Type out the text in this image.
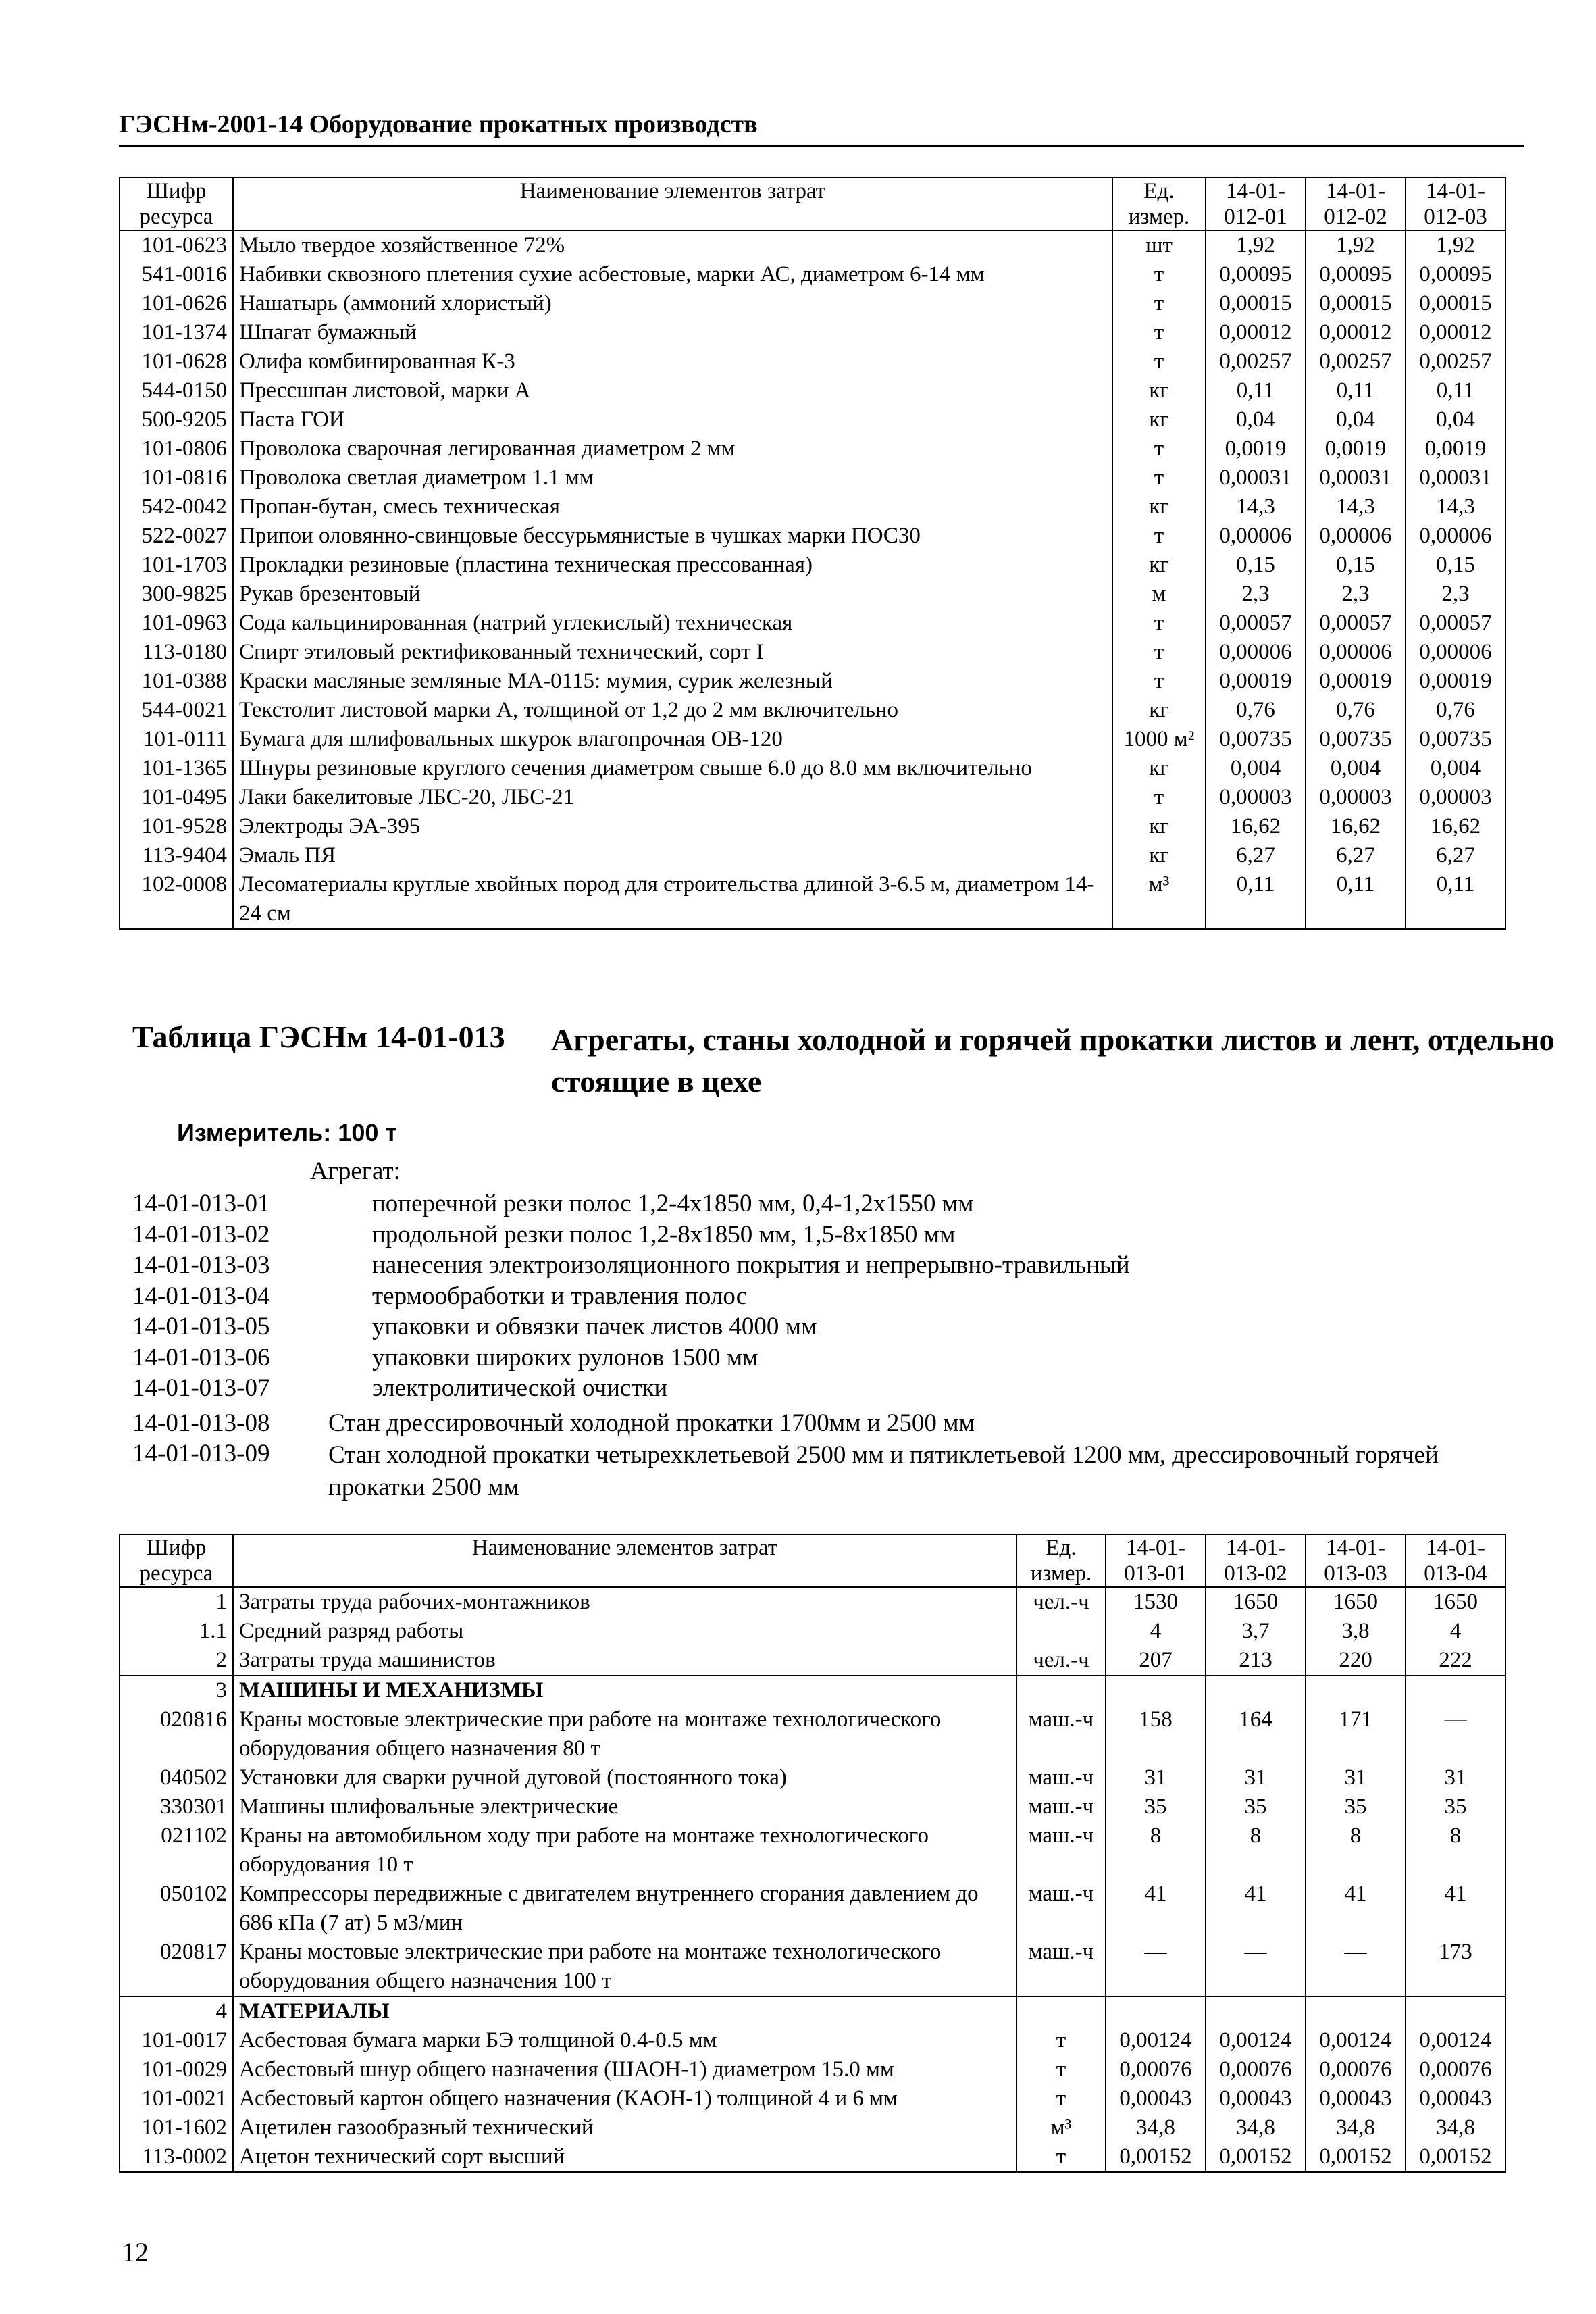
ГЭСНм-2001-14 Оборудование прокатных производств
Шифр ресурса	Наименование элементов затрат	Ед. измер.	14-01-012-01	14-01-012-02	14-01-012-03
101-0623	Мыло твердое хозяйственное 72%	шт	1,92	1,92	1,92
541-0016	Набивки сквозного плетения сухие асбестовые, марки АС, диаметром 6-14 мм	т	0,00095	0,00095	0,00095
101-0626	Нашатырь (аммоний хлористый)	т	0,00015	0,00015	0,00015
101-1374	Шпагат бумажный	т	0,00012	0,00012	0,00012
101-0628	Олифа комбинированная К-3	т	0,00257	0,00257	0,00257
544-0150	Прессшпан листовой, марки А	кг	0,11	0,11	0,11
500-9205	Паста ГОИ	кг	0,04	0,04	0,04
101-0806	Проволока сварочная легированная диаметром 2 мм	т	0,0019	0,0019	0,0019
101-0816	Проволока светлая диаметром 1.1 мм	т	0,00031	0,00031	0,00031
542-0042	Пропан-бутан, смесь техническая	кг	14,3	14,3	14,3
522-0027	Припои оловянно-свинцовые бессурьмянистые в чушках марки ПОС30	т	0,00006	0,00006	0,00006
101-1703	Прокладки резиновые (пластина техническая прессованная)	кг	0,15	0,15	0,15
300-9825	Рукав брезентовый	м	2,3	2,3	2,3
101-0963	Сода кальцинированная (натрий углекислый) техническая	т	0,00057	0,00057	0,00057
113-0180	Спирт этиловый ректификованный технический, сорт I	т	0,00006	0,00006	0,00006
101-0388	Краски масляные земляные МА-0115: мумия, сурик железный	т	0,00019	0,00019	0,00019
544-0021	Текстолит листовой марки А, толщиной от 1,2 до 2 мм включительно	кг	0,76	0,76	0,76
101-0111	Бумага для шлифовальных шкурок влагопрочная ОВ-120	1000 м²	0,00735	0,00735	0,00735
101-1365	Шнуры резиновые круглого сечения диаметром свыше 6.0 до 8.0 мм включительно	кг	0,004	0,004	0,004
101-0495	Лаки бакелитовые ЛБС-20, ЛБС-21	т	0,00003	0,00003	0,00003
101-9528	Электроды ЭА-395	кг	16,62	16,62	16,62
113-9404	Эмаль ПЯ	кг	6,27	6,27	6,27
102-0008	Лесоматериалы круглые хвойных пород для строительства длиной 3-6.5 м, диаметром 14-24 см	м³	0,11	0,11	0,11
Таблица ГЭСНм 14-01-013 Агрегаты, станы холодной и горячей прокатки листов и лент, отдельно стоящие в цехе
Измеритель: 100 т
Агрегат:
14-01-013-01	поперечной резки полос 1,2-4х1850 мм, 0,4-1,2х1550 мм
14-01-013-02	продольной резки полос 1,2-8х1850 мм, 1,5-8х1850 мм
14-01-013-03	нанесения электроизоляционного покрытия и непрерывно-травильный
14-01-013-04	термообработки и травления полос
14-01-013-05	упаковки и обвязки пачек листов 4000 мм
14-01-013-06	упаковки широких рулонов 1500 мм
14-01-013-07	электролитической очистки
14-01-013-08 Стан дрессировочный холодной прокатки 1700мм и 2500 мм
14-01-013-09 Стан холодной прокатки четырехклетьевой 2500 мм и пятиклетьевой 1200 мм, дрессировочный горячей прокатки 2500 мм
Шифр ресурса	Наименование элементов затрат	Ед. измер.	14-01-013-01	14-01-013-02	14-01-013-03	14-01-013-04
1	Затраты труда рабочих-монтажников	чел.-ч	1530	1650	1650	1650
1.1	Средний разряд работы		4	3,7	3,8	4
2	Затраты труда машинистов	чел.-ч	207	213	220	222
3	МАШИНЫ И МЕХАНИЗМЫ					
020816	Краны мостовые электрические при работе на монтаже технологического оборудования общего назначения 80 т	маш.-ч	158	164	171	—
040502	Установки для сварки ручной дуговой (постоянного тока)	маш.-ч	31	31	31	31
330301	Машины шлифовальные электрические	маш.-ч	35	35	35	35
021102	Краны на автомобильном ходу при работе на монтаже технологического оборудования 10 т	маш.-ч	8	8	8	8
050102	Компрессоры передвижные с двигателем внутреннего сгорания давлением до 686 кПа (7 ат) 5 м3/мин	маш.-ч	41	41	41	41
020817	Краны мостовые электрические при работе на монтаже технологического оборудования общего назначения 100 т	маш.-ч	—	—	—	173
4	МАТЕРИАЛЫ					
101-0017	Асбестовая бумага марки БЭ толщиной 0.4-0.5 мм	т	0,00124	0,00124	0,00124	0,00124
101-0029	Асбестовый шнур общего назначения (ШАОН-1) диаметром 15.0 мм	т	0,00076	0,00076	0,00076	0,00076
101-0021	Асбестовый картон общего назначения (КАОН-1) толщиной 4 и 6 мм	т	0,00043	0,00043	0,00043	0,00043
101-1602	Ацетилен газообразный технический	м³	34,8	34,8	34,8	34,8
113-0002	Ацетон технический сорт высший	т	0,00152	0,00152	0,00152	0,00152
12
